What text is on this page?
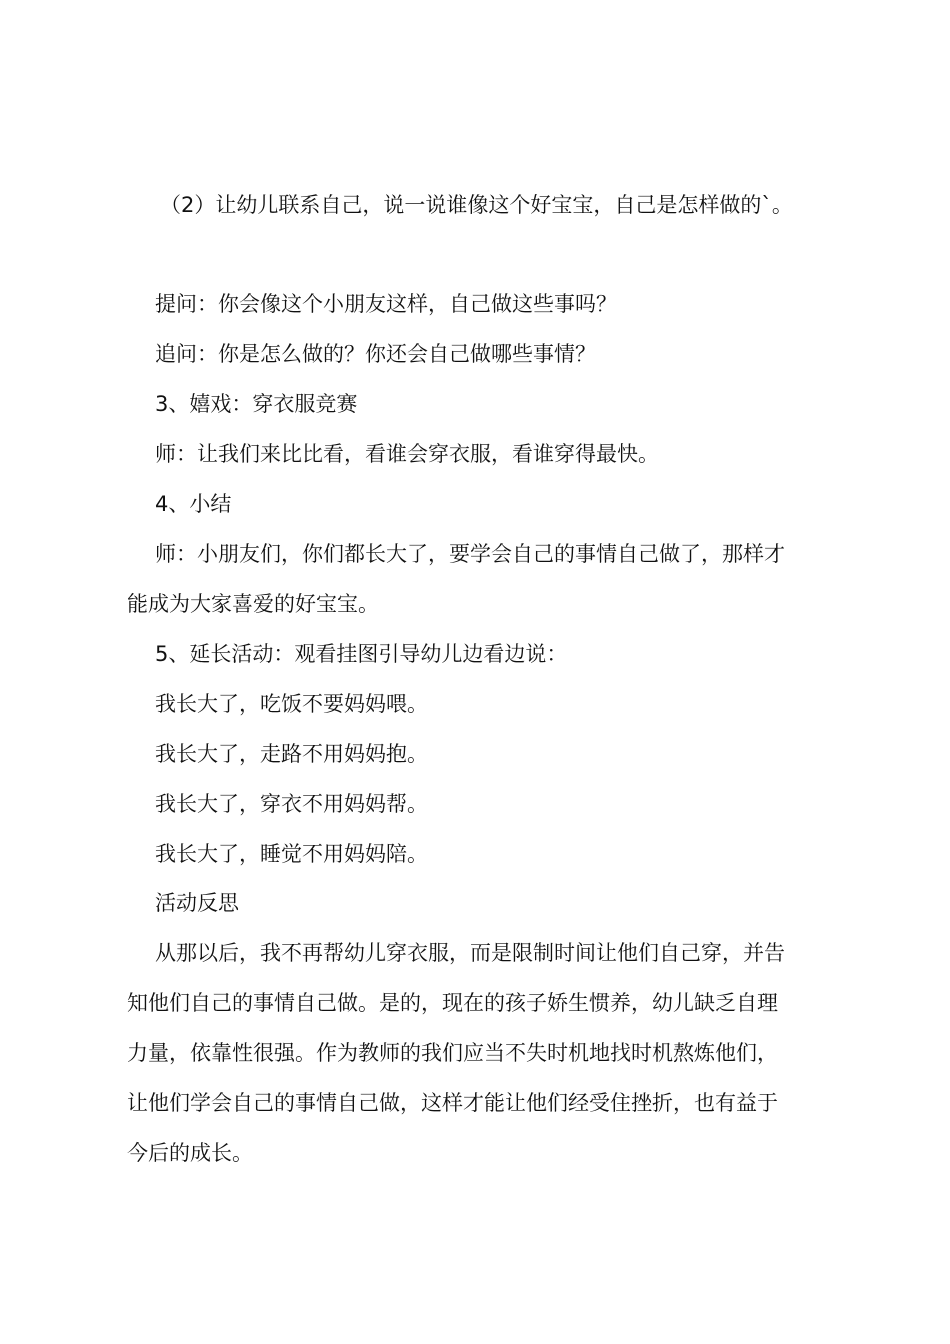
（2）让幼儿联系自己，说一说谁像这个好宝宝，自己是怎样做的`。
提问：你会像这个小朋友这样，自己做这些事吗？
追问：你是怎么做的？你还会自己做哪些事情？
3、嬉戏：穿衣服竞赛
师：让我们来比比看，看谁会穿衣服，看谁穿得最快。
4、小结
师：小朋友们，你们都长大了，要学会自己的事情自己做了，那样才
能成为大家喜爱的好宝宝。
5、延长活动：观看挂图引导幼儿边看边说：
我长大了，吃饭不要妈妈喂。
我长大了，走路不用妈妈抱。
我长大了，穿衣不用妈妈帮。
我长大了，睡觉不用妈妈陪。
活动反思
从那以后，我不再帮幼儿穿衣服，而是限制时间让他们自己穿，并告
知他们自己的事情自己做。是的，现在的孩子娇生惯养，幼儿缺乏自理
力量，依靠性很强。作为教师的我们应当不失时机地找时机熬炼他们，
让他们学会自己的事情自己做，这样才能让他们经受住挫折，也有益于
今后的成长。
